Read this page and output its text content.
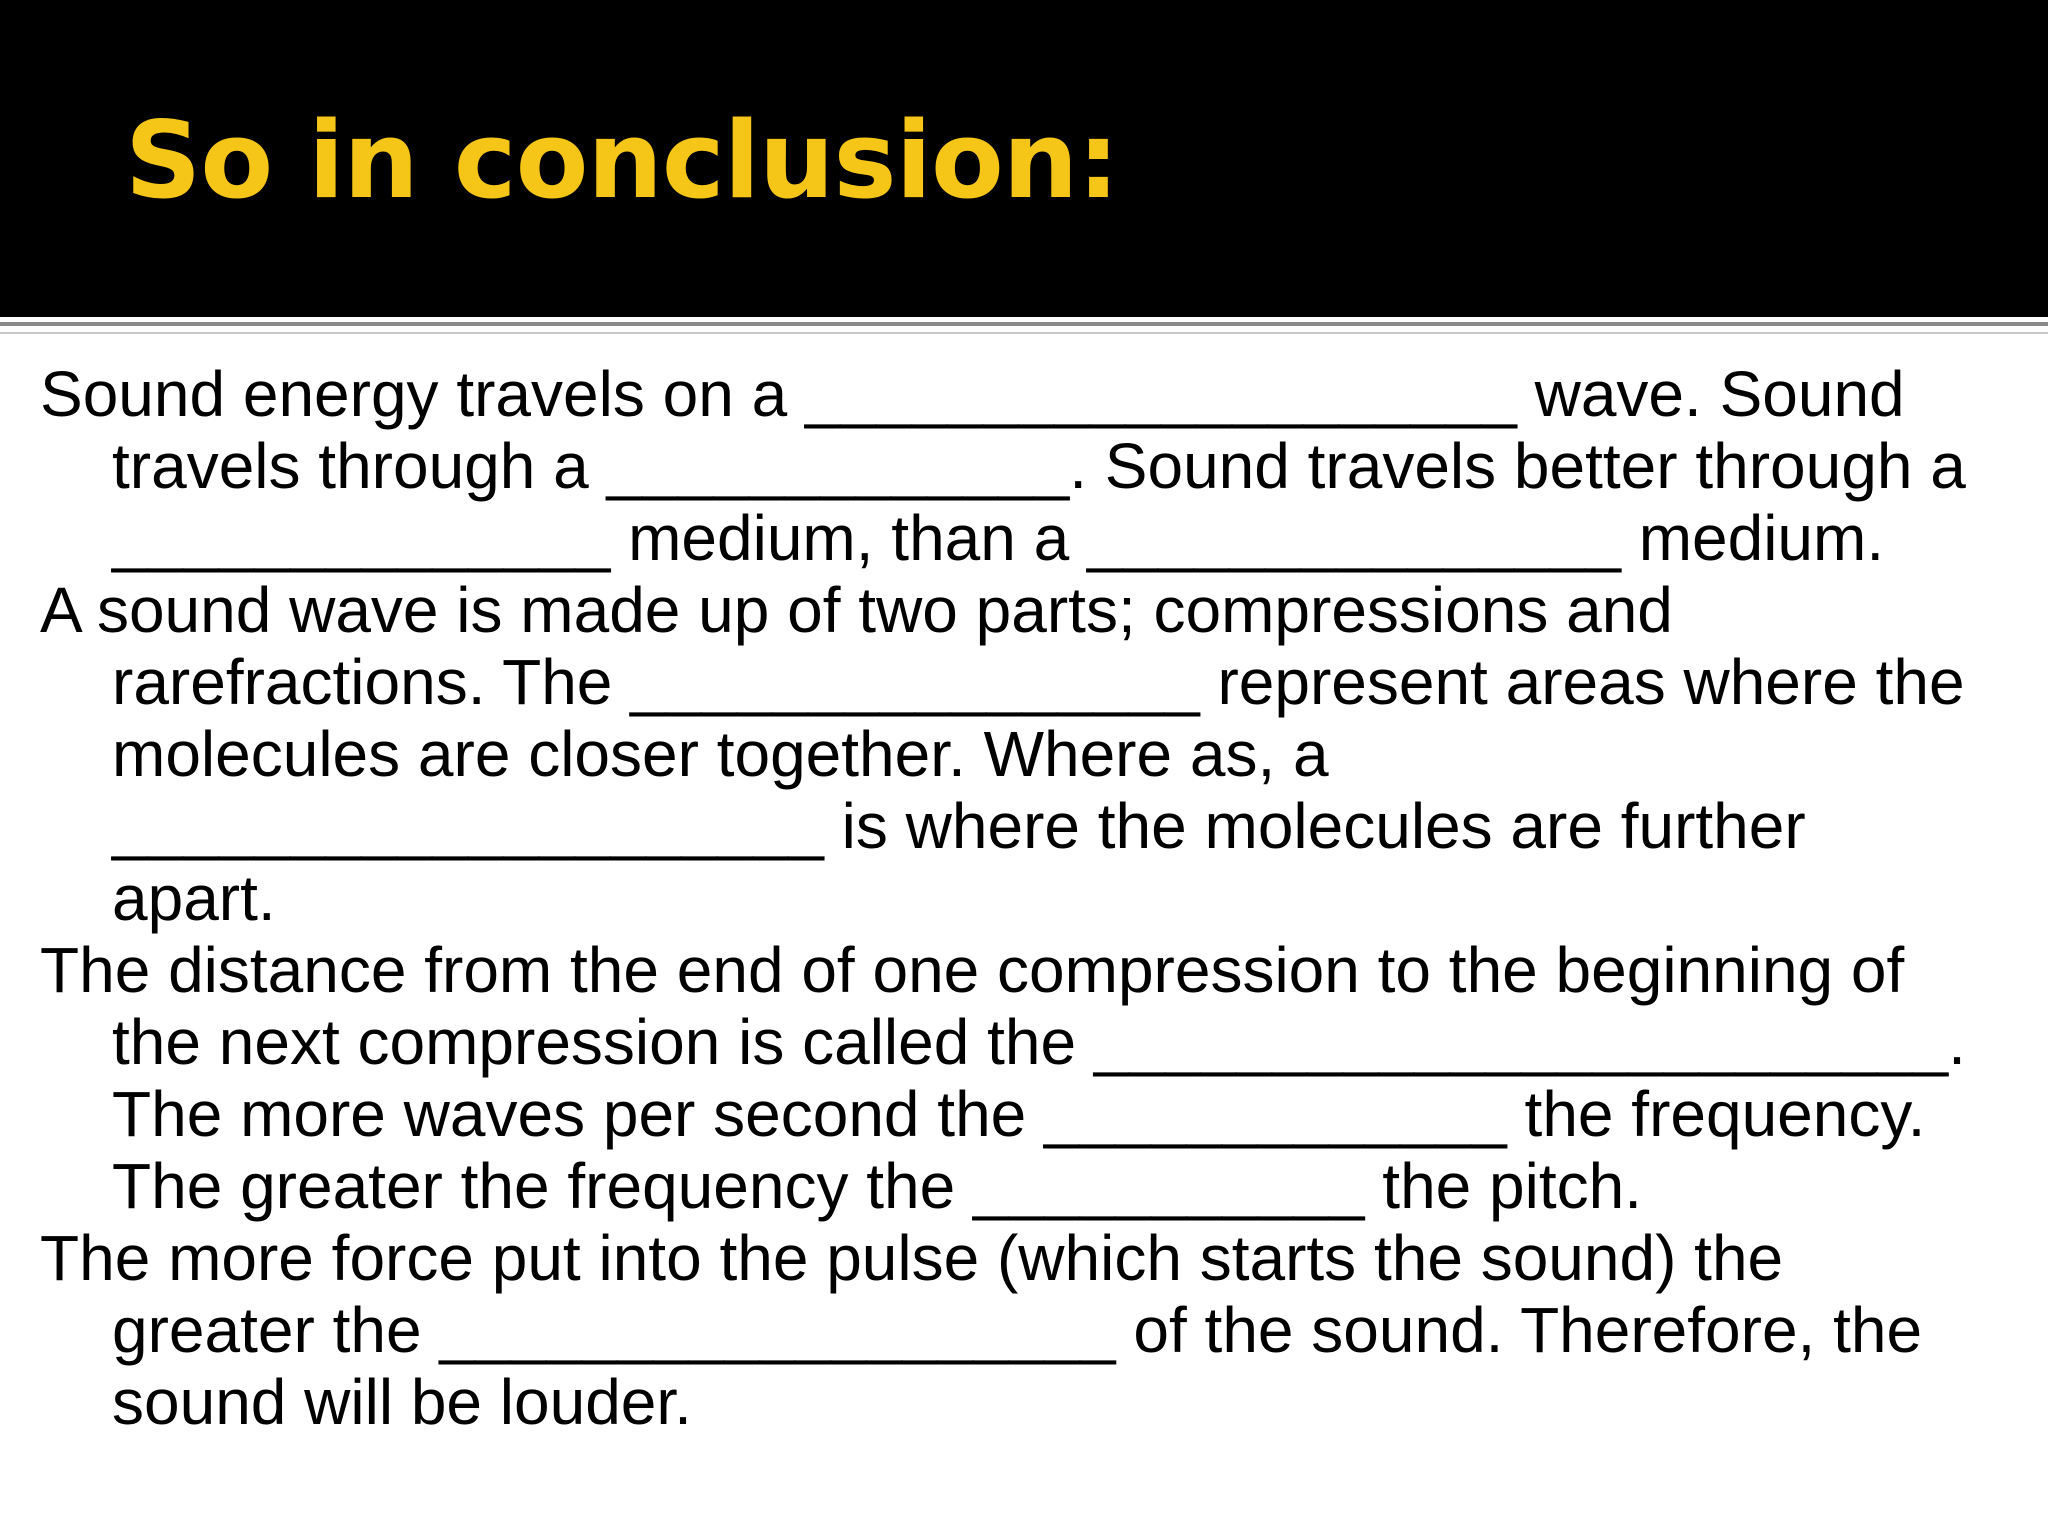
So in conclusion:

Sound energy travels on a ____________________ wave. Sound
travels through a _____________. Sound travels better through a
______________ medium, than a _______________ medium.

A sound wave is made up of two parts; compressions and
rarefractions. The ________________ represent areas where the
molecules are closer together. Where as, a
____________________ is where the molecules are further
apart.

The distance from the end of one compression to the beginning of
the next compression is called the ________________________.
The more waves per second the _____________ the frequency.
The greater the frequency the ___________ the pitch.

The more force put into the pulse (which starts the sound) the
greater the ___________________ of the sound. Therefore, the
sound will be louder.
